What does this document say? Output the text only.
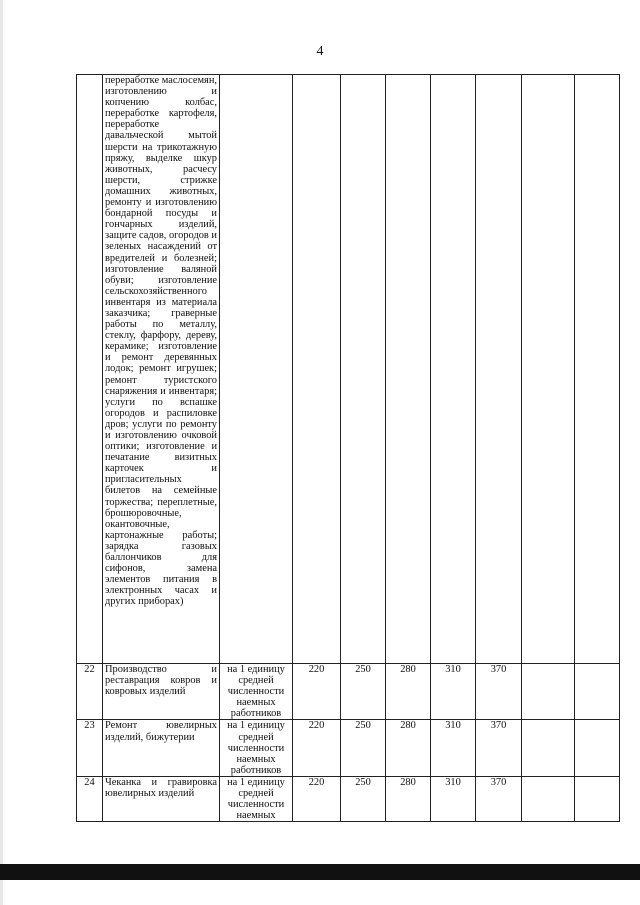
4

	переработке маслосемян, изготовлению и копчению колбас, переработке картофеля, переработке давальческой мытой шерсти на трикотажную пряжу, выделке шкур животных, расчесу шерсти, стрижке домашних животных, ремонту и изготовлению бондарной посуды и гончарных изделий, защите садов, огородов и зеленых насаждений от вредителей и болезней; изготовление валяной обуви; изготовление сельскохозяйственного инвентаря из материала заказчика; граверные работы по металлу, стеклу, фарфору, дереву, керамике; изготовление и ремонт деревянных лодок; ремонт игрушек; ремонт туристского снаряжения и инвентаря; услуги по вспашке огородов и распиловке дров; услуги по ремонту и изготовлению очковой оптики; изготовление и печатание визитных карточек и пригласительных билетов на семейные торжества; переплетные, брошюровочные, окантовочные, картонажные работы; зарядка газовых баллончиков для сифонов, замена элементов питания в электронных часах и других приборах)								

22	Производство и реставрация ковров и ковровых изделий	на 1 единицу средней численности наемных работников	220	250	280	310	370		
23	Ремонт ювелирных изделий, бижутерии	на 1 единицу средней численности наемных работников	220	250	280	310	370		
24	Чеканка и гравировка ювелирных изделий	на 1 единицу средней численности наемных	220	250	280	310	370		
